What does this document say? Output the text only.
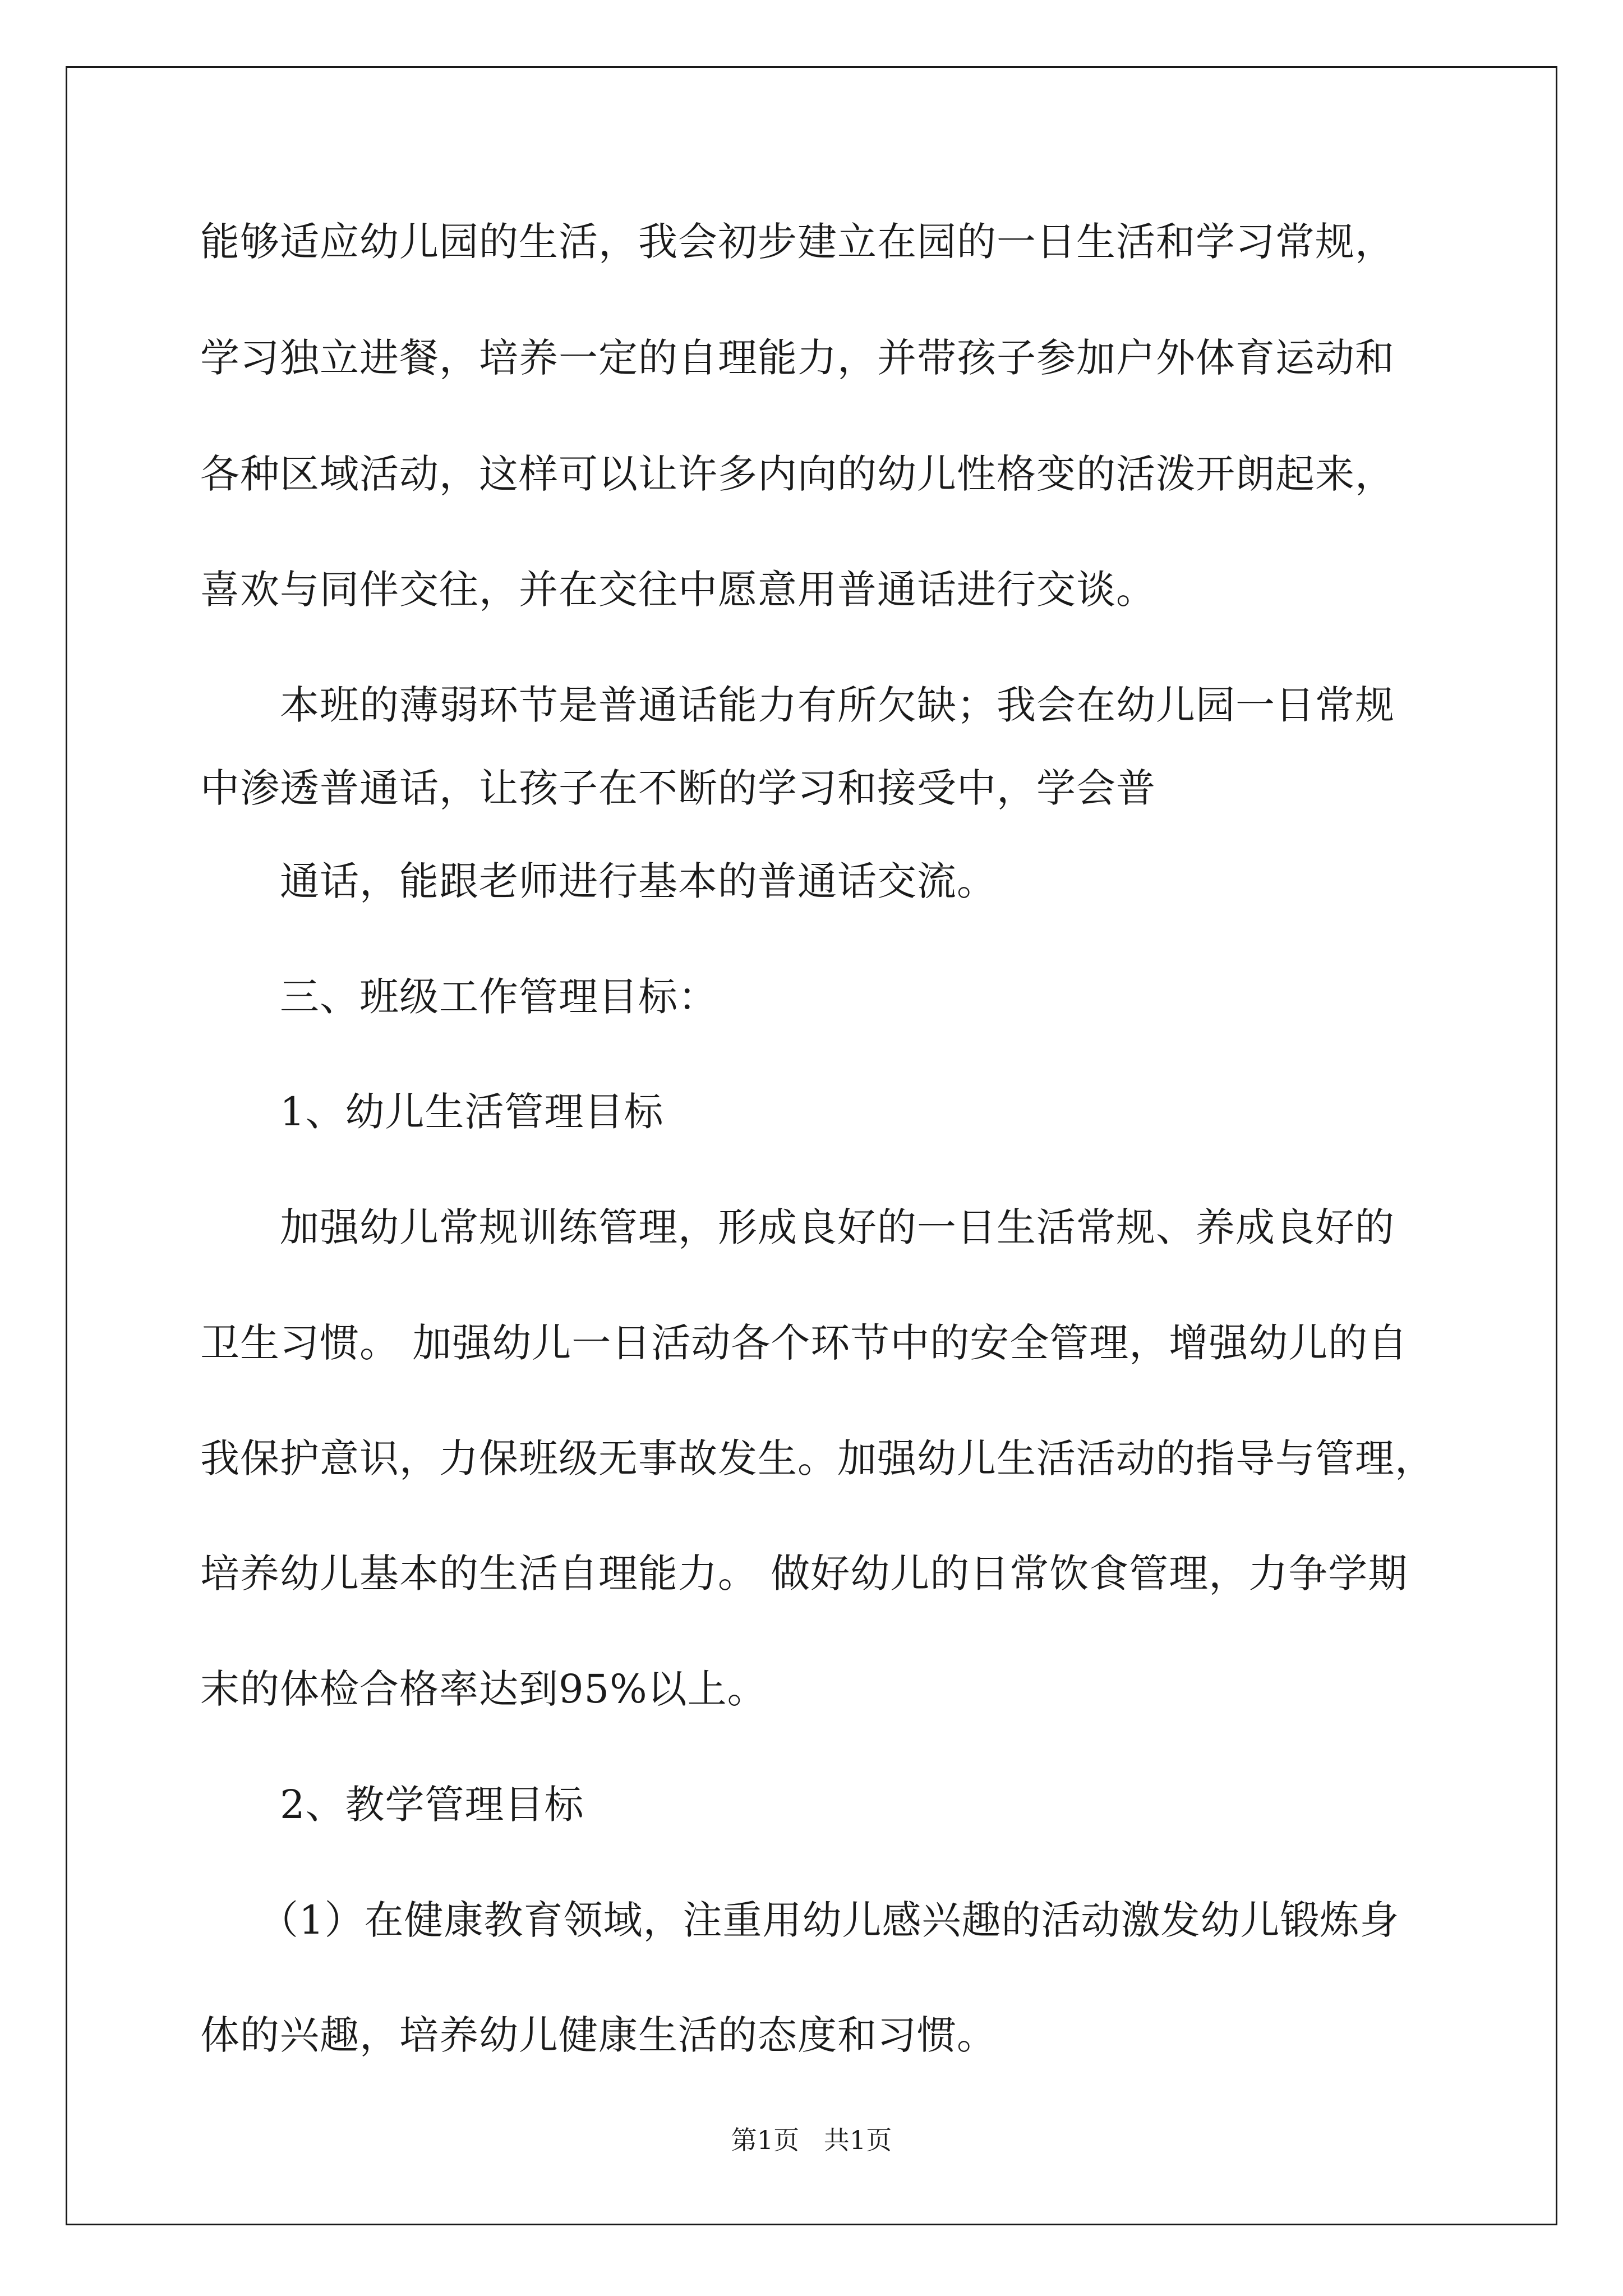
能够适应幼儿园的生活，我会初步建立在园的一日生活和学习常规，

学习独立进餐，培养一定的自理能力，并带孩子参加户外体育运动和

各种区域活动，这样可以让许多内向的幼儿性格变的活泼开朗起来，

喜欢与同伴交往，并在交往中愿意用普通话进行交谈。

本班的薄弱环节是普通话能力有所欠缺；我会在幼儿园一日常规

中渗透普通话，让孩子在不断的学习和接受中，学会普

通话，能跟老师进行基本的普通话交流。

三、班级工作管理目标：

1、幼儿生活管理目标

加强幼儿常规训练管理，形成良好的一日生活常规、养成良好的

卫生习惯。 加强幼儿一日活动各个环节中的安全管理，增强幼儿的自

我保护意识，力保班级无事故发生。加强幼儿生活活动的指导与管理，

培养幼儿基本的生活自理能力。 做好幼儿的日常饮食管理，力争学期

末的体检合格率达到95%以上。

2、教学管理目标

（1）在健康教育领域，注重用幼儿感兴趣的活动激发幼儿锻炼身

体的兴趣，培养幼儿健康生活的态度和习惯。

第1页   共1页
